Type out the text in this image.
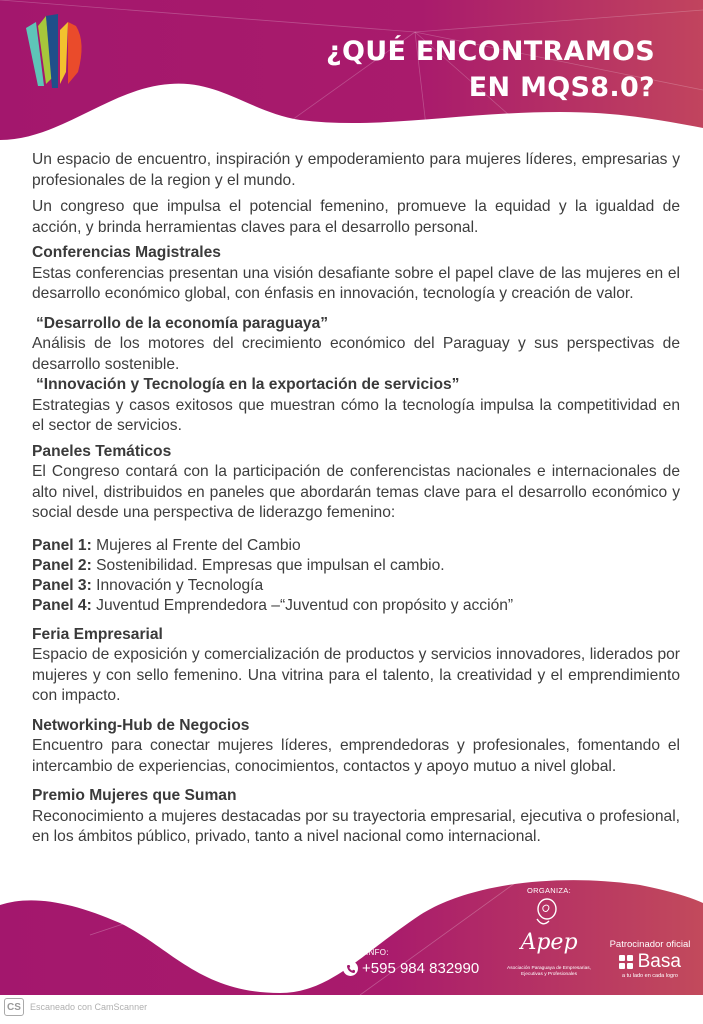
¿QUÉ ENCONTRAMOS
EN MQS8.0?

Un espacio de encuentro, inspiración y empoderamiento para mujeres líderes, empresarias y profesionales de la region y el mundo.

Un congreso que impulsa el potencial femenino, promueve la equidad y la igualdad de acción, y brinda herramientas claves para el desarrollo personal.

Conferencias Magistrales

Estas conferencias presentan una visión desafiante sobre el papel clave de las mujeres en el desarrollo económico global, con énfasis en innovación, tecnología y creación de valor.

“Desarrollo de la economía paraguaya”

Análisis de los motores del crecimiento económico del Paraguay y sus perspectivas de desarrollo sostenible.

“Innovación y Tecnología en la exportación de servicios”

Estrategias y casos exitosos que muestran cómo la tecnología impulsa la competitividad en el sector de servicios.

Paneles Temáticos

El Congreso contará con la participación de conferencistas nacionales e internacionales de alto nivel, distribuidos en paneles que abordarán temas clave para el desarrollo económico y social desde una perspectiva de liderazgo femenino:

Panel 1: Mujeres al Frente del Cambio
Panel 2: Sostenibilidad. Empresas que impulsan el cambio.
Panel 3: Innovación y Tecnología
Panel 4: Juventud Emprendedora –“Juventud con propósito y acción”
Feria Empresarial

Espacio de exposición y comercialización de productos y servicios innovadores, liderados por mujeres y con sello femenino. Una vitrina para el talento, la creatividad y el emprendimiento con impacto.

Networking-Hub de Negocios

Encuentro para conectar mujeres líderes, emprendedoras y profesionales, fomentando el intercambio de experiencias, conocimientos, contactos y apoyo mutuo a nivel global.

Premio Mujeres que Suman

Reconocimiento a mujeres destacadas por su trayectoria empresarial, ejecutiva o profesional, en los ámbitos público, privado, tanto a nivel nacional como internacional.

+INFO:
+595 984 832990
ORGANIZA:
Apep
Asociación Paraguaya de Empresarias, Ejecutivas y Profesionales
Patrocinador oficial
Basa
a tu lado en cada logro
CS	Escaneado con CamScanner
